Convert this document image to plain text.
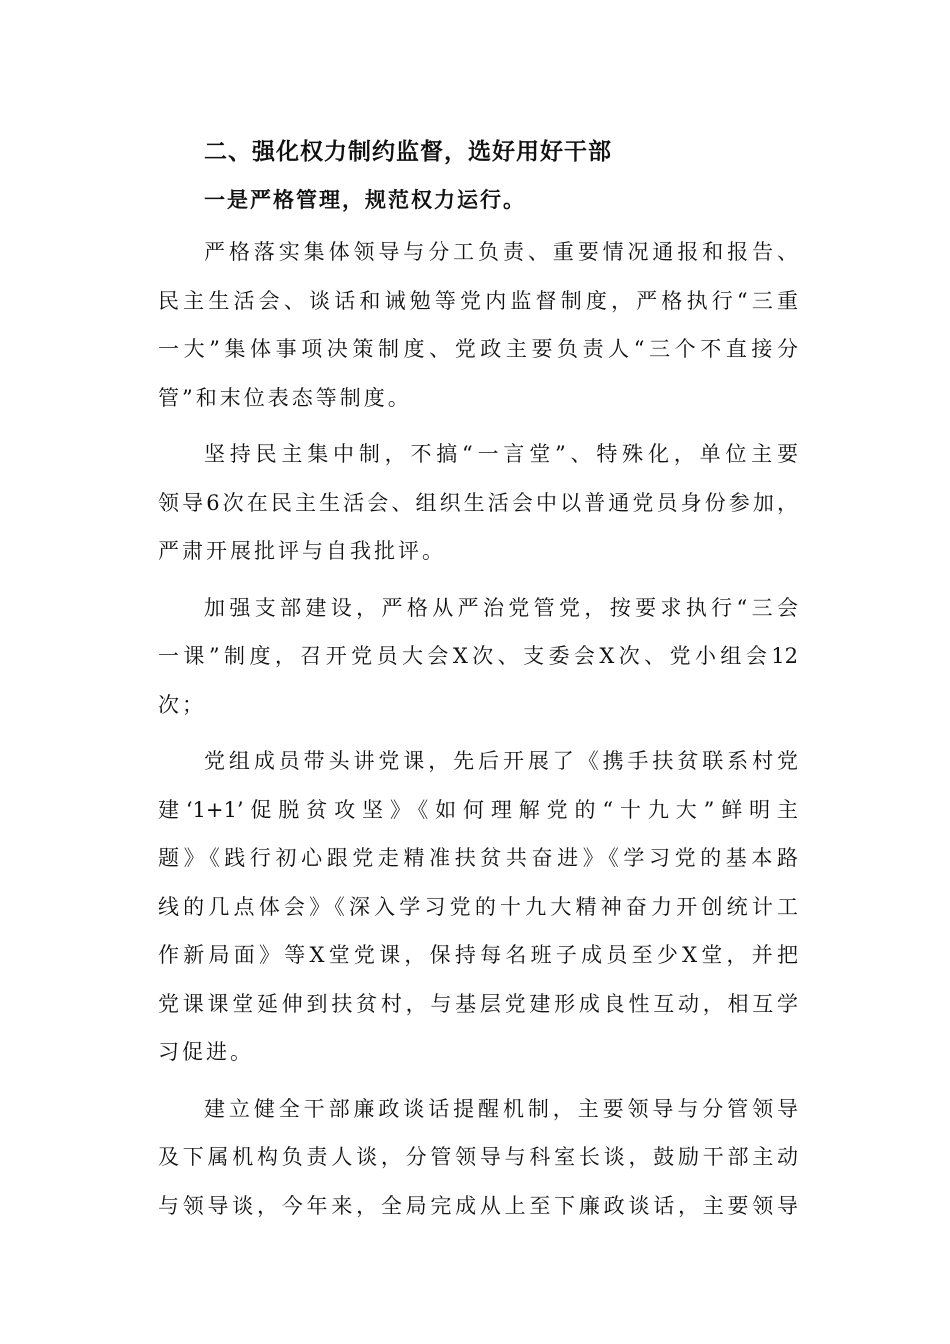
二、强化权力制约监督，选好用好干部
一是严格管理，规范权力运行。
严格落实集体领导与分工负责、重要情况通报和报告、
民主生活会、谈话和诫勉等党内监督制度，严格执行“三重
一大”集体事项决策制度、党政主要负责人“三个不直接分
管”和末位表态等制度。
坚持民主集中制，不搞“一言堂”、特殊化，单位主要
领导6次在民主生活会、组织生活会中以普通党员身份参加，
严肃开展批评与自我批评。
加强支部建设，严格从严治党管党，按要求执行“三会
一课”制度，召开党员大会X次、支委会X次、党小组会12
次；
党组成员带头讲党课，先后开展了《携手扶贫联系村党
建‘1+1’促脱贫攻坚》《如何理解党的“十九大”鲜明主
题》《践行初心跟党走精准扶贫共奋进》《学习党的基本路
线的几点体会》《深入学习党的十九大精神奋力开创统计工
作新局面》等X堂党课，保持每名班子成员至少X堂，并把
党课课堂延伸到扶贫村，与基层党建形成良性互动，相互学
习促进。
建立健全干部廉政谈话提醒机制，主要领导与分管领导
及下属机构负责人谈，分管领导与科室长谈，鼓励干部主动
与领导谈，今年来，全局完成从上至下廉政谈话，主要领导
